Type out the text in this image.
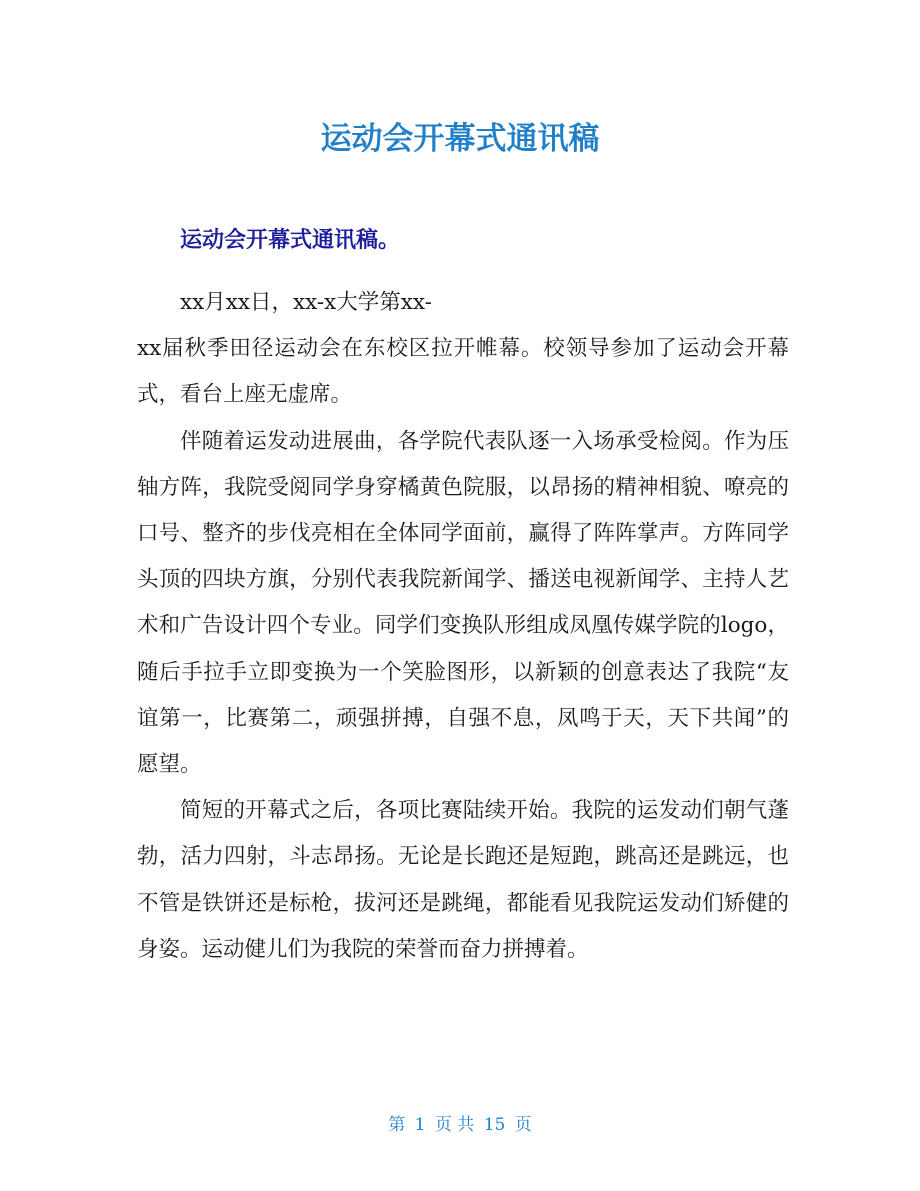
运动会开幕式通讯稿
运动会开幕式通讯稿。

xx月xx日，xx-x大学第xx-

xx届秋季田径运动会在东校区拉开帷幕。校领导参加了运动会开幕式，看台上座无虚席。

伴随着运发动进展曲，各学院代表队逐一入场承受检阅。作为压轴方阵，我院受阅同学身穿橘黄色院服，以昂扬的精神相貌、嘹亮的口号、整齐的步伐亮相在全体同学面前，赢得了阵阵掌声。方阵同学头顶的四块方旗，分别代表我院新闻学、播送电视新闻学、主持人艺术和广告设计四个专业。同学们变换队形组成凤凰传媒学院的logo，随后手拉手立即变换为一个笑脸图形，以新颖的创意表达了我院“友谊第一，比赛第二，顽强拼搏，自强不息，凤鸣于天，天下共闻”的愿望。

简短的开幕式之后，各项比赛陆续开始。我院的运发动们朝气蓬勃，活力四射，斗志昂扬。无论是长跑还是短跑，跳高还是跳远，也不管是铁饼还是标枪，拔河还是跳绳，都能看见我院运发动们矫健的身姿。运动健儿们为我院的荣誉而奋力拼搏着。

第 1 页 共 15 页
